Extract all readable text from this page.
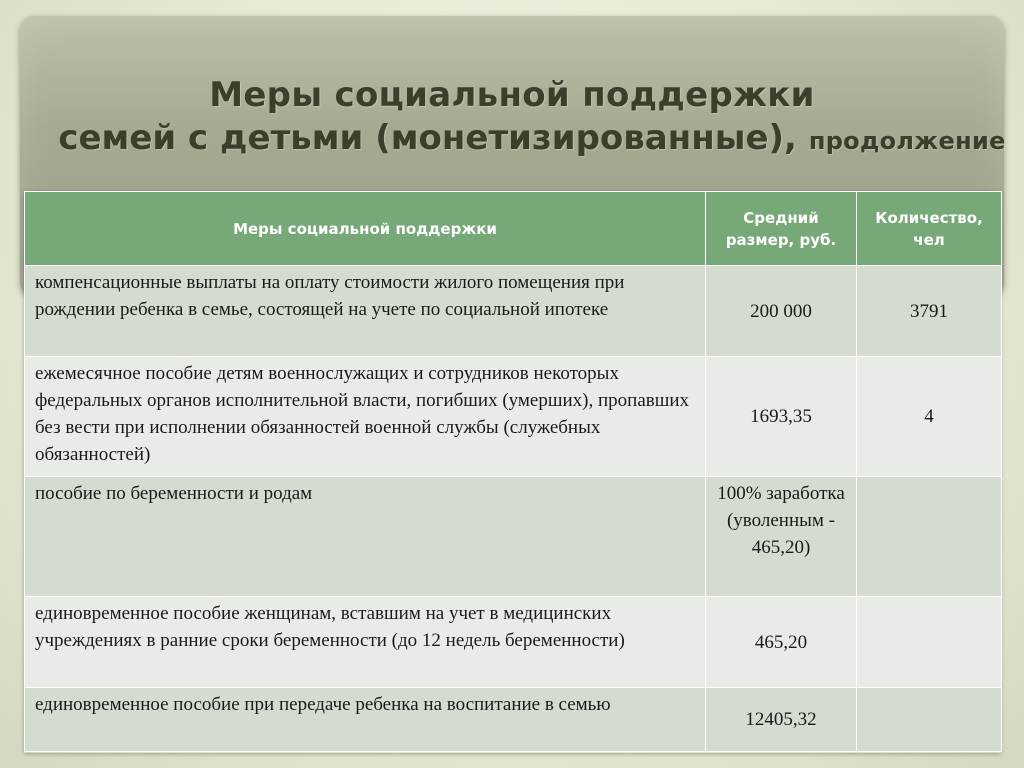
Меры социальной поддержки
семей с детьми (монетизированные), продолжение
Меры социальной поддержки	Средний размер, руб.	Количество, чел
компенсационные выплаты на оплату стоимости жилого помещения при рождении ребенка в семье, состоящей на учете по социальной ипотеке	200 000	3791
ежемесячное пособие детям военнослужащих и сотрудников некоторых федеральных органов исполнительной власти, погибших (умерших), пропавших без вести при исполнении обязанностей военной службы (служебных обязанностей)	1693,35	4
пособие по беременности и родам	100% заработка (уволенным - 465,20)	
единовременное пособие женщинам, вставшим на учет в медицинских учреждениях в ранние сроки беременности (до 12 недель беременности)	465,20	
единовременное пособие при передаче ребенка на воспитание в семью	12405,32	
